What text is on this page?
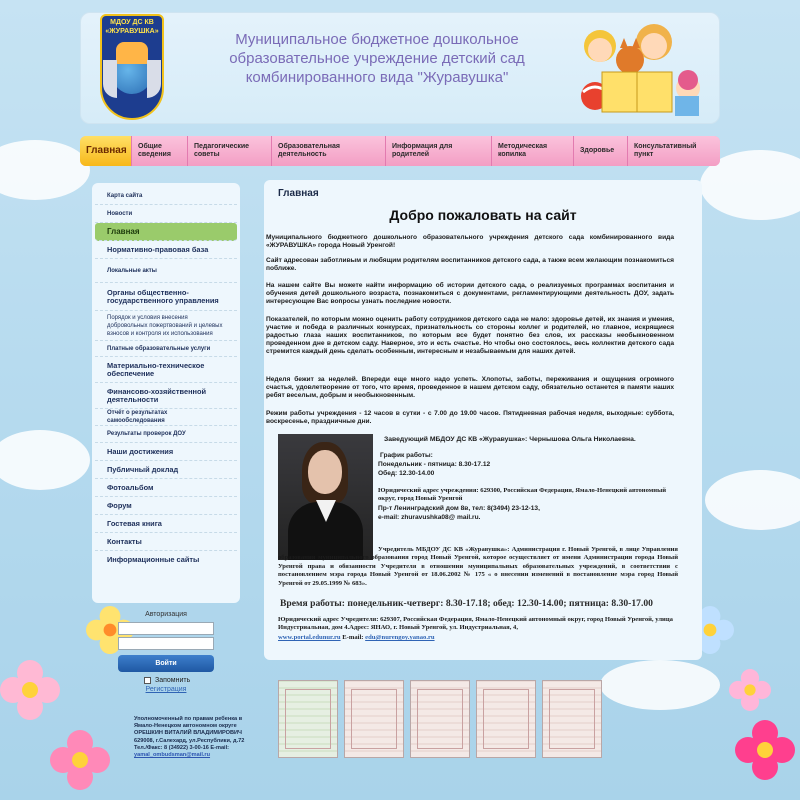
МДОУ ДС КВ
«ЖУРАВУШКА»	Муниципальное бюджетное дошкольное образовательное учреждение детский сад комбинированного вида "Журавушка"
Главная	Общие сведения
Педагогические советы
Образовательная деятельность
Информация для родителей
Методическая копилка
Здоровье
Консультативный пункт
Карта сайта
Новости
Главная
Нормативно-правовая база
Локальные акты
Органы общественно-государственного управления
Порядок и условия внесения добровольных пожертвований и целевых взносов и контроля их использования
Платные образовательные услуги
Материально-техническое обеспечение
Финансово-хозяйственной деятельности
Отчёт о результатах самообследования
Результаты проверок ДОУ
Наши достижения
Публичный доклад
Фотоальбом
Форум
Гостевая книга
Контакты
Информационные сайты
Авторизация
Войти
Запомнить
Регистрация
Уполномоченный по правам ребенка в Ямало-Ненецком автономном округе ОРЕШКИН ВИТАЛИЙ ВЛАДИМИРОВИЧ 629008, г.Салехард, ул.Республики, д.72 Тел./Факс: 8 (34922) 3-00-16 E-mail: yamal_ombudsman@mail.ru
Главная
Добро пожаловать на сайт
Муниципального бюджетного дошкольного образовательного учреждения детского сада комбинированного вида «ЖУРАВУШКА» города Новый Уренгой!
Сайт адресован заботливым и любящим родителям воспитанников детского сада, а также всем желающим познакомиться поближе.
На нашем сайте Вы можете найти информацию об истории детского сада, о реализуемых программах воспитания и обучения детей дошкольного возраста, познакомиться с документами, регламентирующими деятельность ДОУ, задать интересующие Вас вопросы узнать последние новости.
Показателей, по которым можно оценить работу сотрудников детского сада не мало: здоровье детей, их знания и умения, участие и победа в различных конкурсах, признательность со стороны коллег и родителей, но главное, искрящиеся радостью глаза наших воспитанников, по которым все будет понятно без слов, их рассказы необыкновенном проведенном дне в детском саду. Наверное, это и есть счастье. Но чтобы оно состоялось, весь коллектив детского сада стремится каждый день сделать особенным, интересным и незабываемым для наших детей.
Неделя бежит за неделей. Впереди еще много надо успеть. Хлопоты, заботы, переживания и ощущения огромного счастья, удовлетворение от того, что время, проведенное в нашем детском саду, обязательно останется в памяти наших ребят веселым, добрым и необыкновенным.
Режим работы учреждения - 12 часов в сутки - с 7.00 до 19.00 часов. Пятидневная рабочая неделя, выходные: суббота, воскресенье, праздничные дни.
Заведующий МБДОУ ДС КВ «Журавушка»: Чернышова Ольга Николаевна.
График работы:
Понедельник - пятница: 8.30-17.12
Обед: 12.30-14.00
Юридический адрес учреждения: 629300, Российская Федерация, Ямало-Ненецкий автономный округ, город Новый Уренгой
Пр-т Ленинградский дом 8в, тел: 8(3494) 23-12-13,
e-mail: zhuravushka08@ mail.ru.
Учредитель МБДОУ ДС КВ «Журавушка»: Администрация г. Новый Уренгой, в лице Управления образования муниципального образования город Новый Уренгой, которое осуществляет от имени Администрации города Новый Уренгой права и обязанности Учредителя в отношении муниципальных образовательных учреждений, в соответствии с постановлением мэра города Новый Уренгой от 18.06.2002 № 175 « о внесении изменений в постановление мэра город Новый Уренгой от 29.05.1999 № 683».
Время работы: понедельник-четверг: 8.30-17.18; обед: 12.30-14.00; пятница: 8.30-17.00
Юридический адрес Учредителя: 629307, Российская Федерация, Ямало-Ненецкий автономный округ, город Новый Уренгой, улица Индустриальная, дом 4.Адрес: ЯНАО, г. Новый Уренгой, ул. Индустриальная, 4,
www.portal.edunur.ru E-mail: edu@nurengoy.yanao.ru
